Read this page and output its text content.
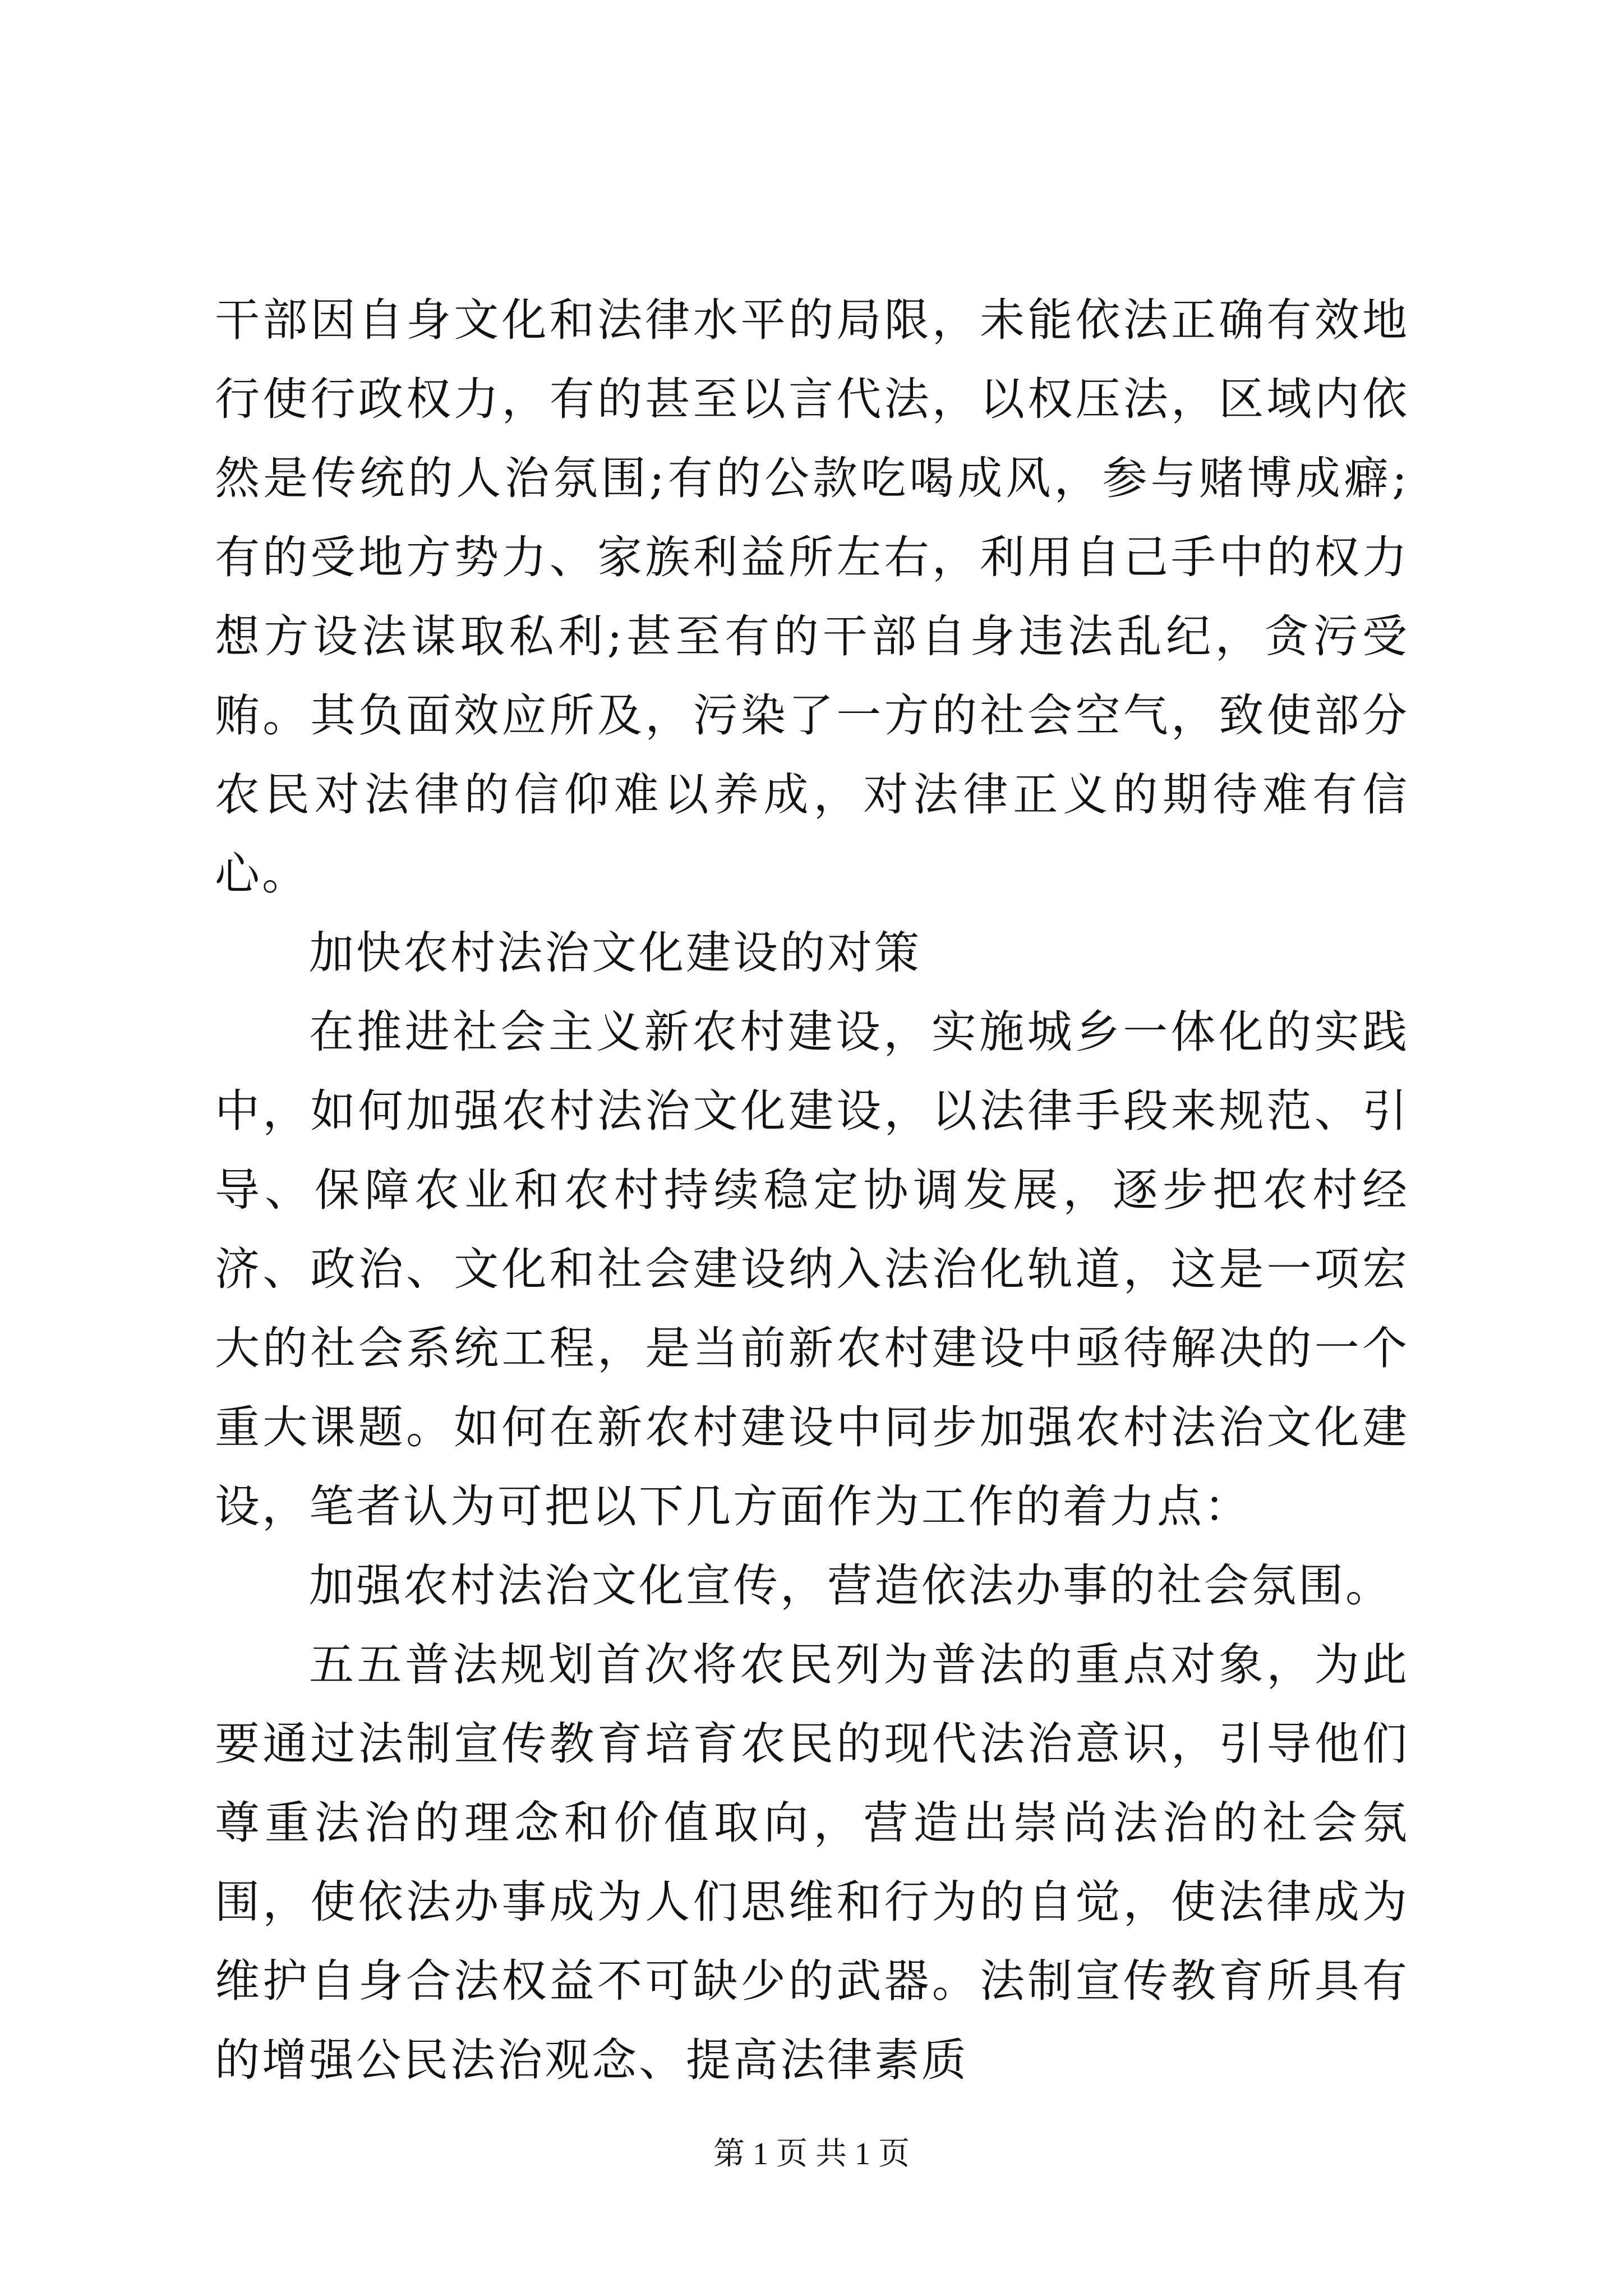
干部因自身文化和法律水平的局限，未能依法正确有效地行使行政权力，有的甚至以言代法，以权压法，区域内依然是传统的人治氛围;有的公款吃喝成风，参与赌博成癖;有的受地方势力、家族利益所左右，利用自己手中的权力想方设法谋取私利;甚至有的干部自身违法乱纪，贪污受贿。其负面效应所及，污染了一方的社会空气，致使部分农民对法律的信仰难以养成，对法律正义的期待难有信心。

加快农村法治文化建设的对策

在推进社会主义新农村建设，实施城乡一体化的实践中，如何加强农村法治文化建设，以法律手段来规范、引导、保障农业和农村持续稳定协调发展，逐步把农村经济、政治、文化和社会建设纳入法治化轨道，这是一项宏大的社会系统工程，是当前新农村建设中亟待解决的一个重大课题。如何在新农村建设中同步加强农村法治文化建设，笔者认为可把以下几方面作为工作的着力点：

加强农村法治文化宣传，营造依法办事的社会氛围。

五五普法规划首次将农民列为普法的重点对象，为此要通过法制宣传教育培育农民的现代法治意识，引导他们尊重法治的理念和价值取向，营造出崇尚法治的社会氛围，使依法办事成为人们思维和行为的自觉，使法律成为维护自身合法权益不可缺少的武器。法制宣传教育所具有的增强公民法治观念、提高法律素质

第 1 页 共 1 页
